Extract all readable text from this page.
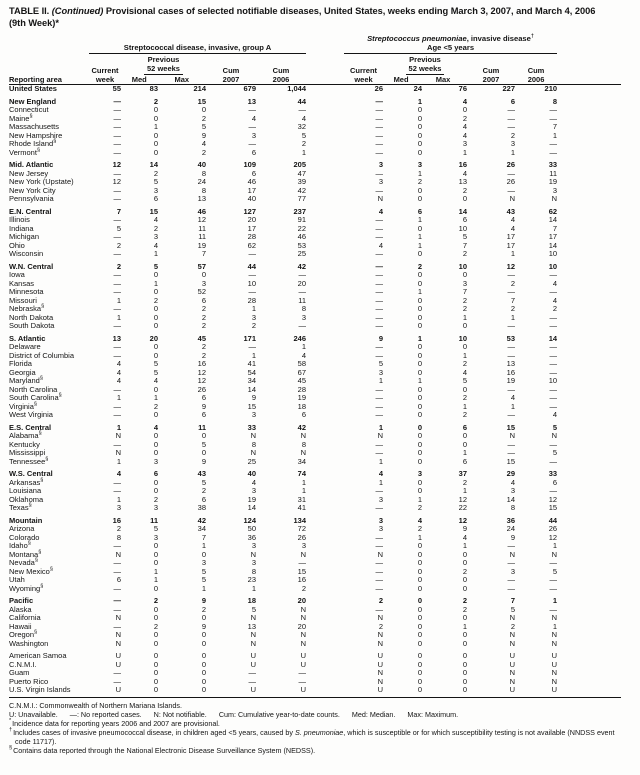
TABLE II. (Continued) Provisional cases of selected notifiable diseases, United States, weeks ending March 3, 2007, and March 4, 2006
(9th Week)*
Reporting area	Streptococcal disease, invasive, group A						Streptococcus pneumoniae, invasive disease†
Age <5 years					

Current
week

Previous
52 weeks
Med	Max

Cum
2007

Cum
2006

Current
week

Previous
52 weeks
Med	Max

Cum
2007

Cum
2006

United States	55	83	214	679	1,044		26	24	76	227	210	
New England	—	2	15	13	44		—	1	4	6	8	
Connecticut	—	0	0	—	—		—	0	0	—	—	
Maine§	—	0	2	4	4		—	0	2	—	—	
Massachusetts	—	1	5	—	32		—	0	4	—	7	
New Hampshire	—	0	9	3	5		—	0	4	2	1	
Rhode Island§	—	0	4	—	2		—	0	3	3	—	
Vermont§	—	0	2	6	1		—	0	1	1	—	
Mid. Atlantic	12	14	40	109	205		3	3	16	26	33	
New Jersey	—	2	8	6	47		—	1	4	—	11	
New York (Upstate)	12	5	24	46	39		3	2	13	26	19	
New York City	—	3	8	17	42		—	0	2	—	3	
Pennsylvania	—	6	13	40	77		N	0	0	N	N	
E.N. Central	7	15	46	127	237		4	6	14	43	62	
Illinois	—	4	12	20	91		—	1	6	4	14	
Indiana	5	2	11	17	22		—	0	10	4	7	
Michigan	—	3	11	28	46		—	1	5	17	17	
Ohio	2	4	19	62	53		4	1	7	17	14	
Wisconsin	—	1	7	—	25		—	0	2	1	10	
W.N. Central	2	5	57	44	42		—	2	10	12	10	
Iowa	—	0	0	—	—		—	0	0	—	—	
Kansas	—	1	3	10	20		—	0	3	2	4	
Minnesota	—	0	52	—	—		—	1	7	—	—	
Missouri	1	2	6	28	11		—	0	2	7	4	
Nebraska§	—	0	2	1	8		—	0	2	2	2	
North Dakota	1	0	2	3	3		—	0	1	1	—	
South Dakota	—	0	2	2	—		—	0	0	—	—	
S. Atlantic	13	20	45	171	246		9	1	10	53	14	
Delaware	—	0	2	—	1		—	0	0	—	—	
District of Columbia	—	0	2	1	4		—	0	1	—	—	
Florida	4	5	16	41	58		5	0	2	13	—	
Georgia	4	5	12	54	67		3	0	4	16	—	
Maryland§	4	4	12	34	45		1	1	5	19	10	
North Carolina	—	0	26	14	28		—	0	0	—	—	
South Carolina§	1	1	6	9	19		—	0	2	4	—	
Virginia§	—	2	9	15	18		—	0	1	1	—	
West Virginia	—	0	6	3	6		—	0	2	—	4	
E.S. Central	1	4	11	33	42		1	0	6	15	5	
Alabama§	N	0	0	N	N		N	0	0	N	N	
Kentucky	—	0	5	8	8		—	0	0	—	—	
Mississippi	N	0	0	N	N		—	0	1	—	5	
Tennessee§	1	3	9	25	34		1	0	6	15	—	
W.S. Central	4	6	43	40	74		4	3	37	29	33	
Arkansas§	—	0	5	4	1		1	0	2	4	6	
Louisiana	—	0	2	3	1		—	0	1	3	—	
Oklahoma	1	2	6	19	31		3	1	12	14	12	
Texas§	3	3	38	14	41		—	2	22	8	15	
Mountain	16	11	42	124	134		3	4	12	36	44	
Arizona	2	5	34	50	72		3	2	9	24	26	
Colorado	8	3	7	36	26		—	1	4	9	12	
Idaho§	—	0	1	3	3		—	0	1	—	1	
Montana§	N	0	0	N	N		N	0	0	N	N	
Nevada§	—	0	3	3	—		—	0	0	—	—	
New Mexico§	—	1	5	8	15		—	0	2	3	5	
Utah	6	1	5	23	16		—	0	0	—	—	
Wyoming§	—	0	1	1	2		—	0	0	—	—	
Pacific	—	2	9	18	20		2	0	2	7	1	
Alaska	—	0	2	5	N		—	0	2	5	—	
California	N	0	0	N	N		N	0	0	N	N	
Hawaii	—	2	9	13	20		2	0	1	2	1	
Oregon§	N	0	0	N	N		N	0	0	N	N	
Washington	N	0	0	N	N		N	0	0	N	N	
American Samoa	U	0	0	U	U		U	0	0	U	U	
C.N.M.I.	U	0	0	U	U		U	0	0	U	U	
Guam	—	0	0	—	—		N	0	0	N	N	
Puerto Rico	—	0	0	—	—		N	0	0	N	N	
U.S. Virgin Islands	U	0	0	U	U		U	0	0	U	U	
C.N.M.I.: Commonwealth of Northern Mariana Islands.
U: Unavailable. —: No reported cases. N: Not notifiable. Cum: Cumulative year-to-date counts. Med: Median. Max: Maximum.
*Incidence data for reporting years 2006 and 2007 are provisional.
†Includes cases of invasive pneumococcal disease, in children aged <5 years, caused by S. pneumoniae, which is susceptible or for which susceptibility testing is not available (NNDSS event code 11717).
§Contains data reported through the National Electronic Disease Surveillance System (NEDSS).
